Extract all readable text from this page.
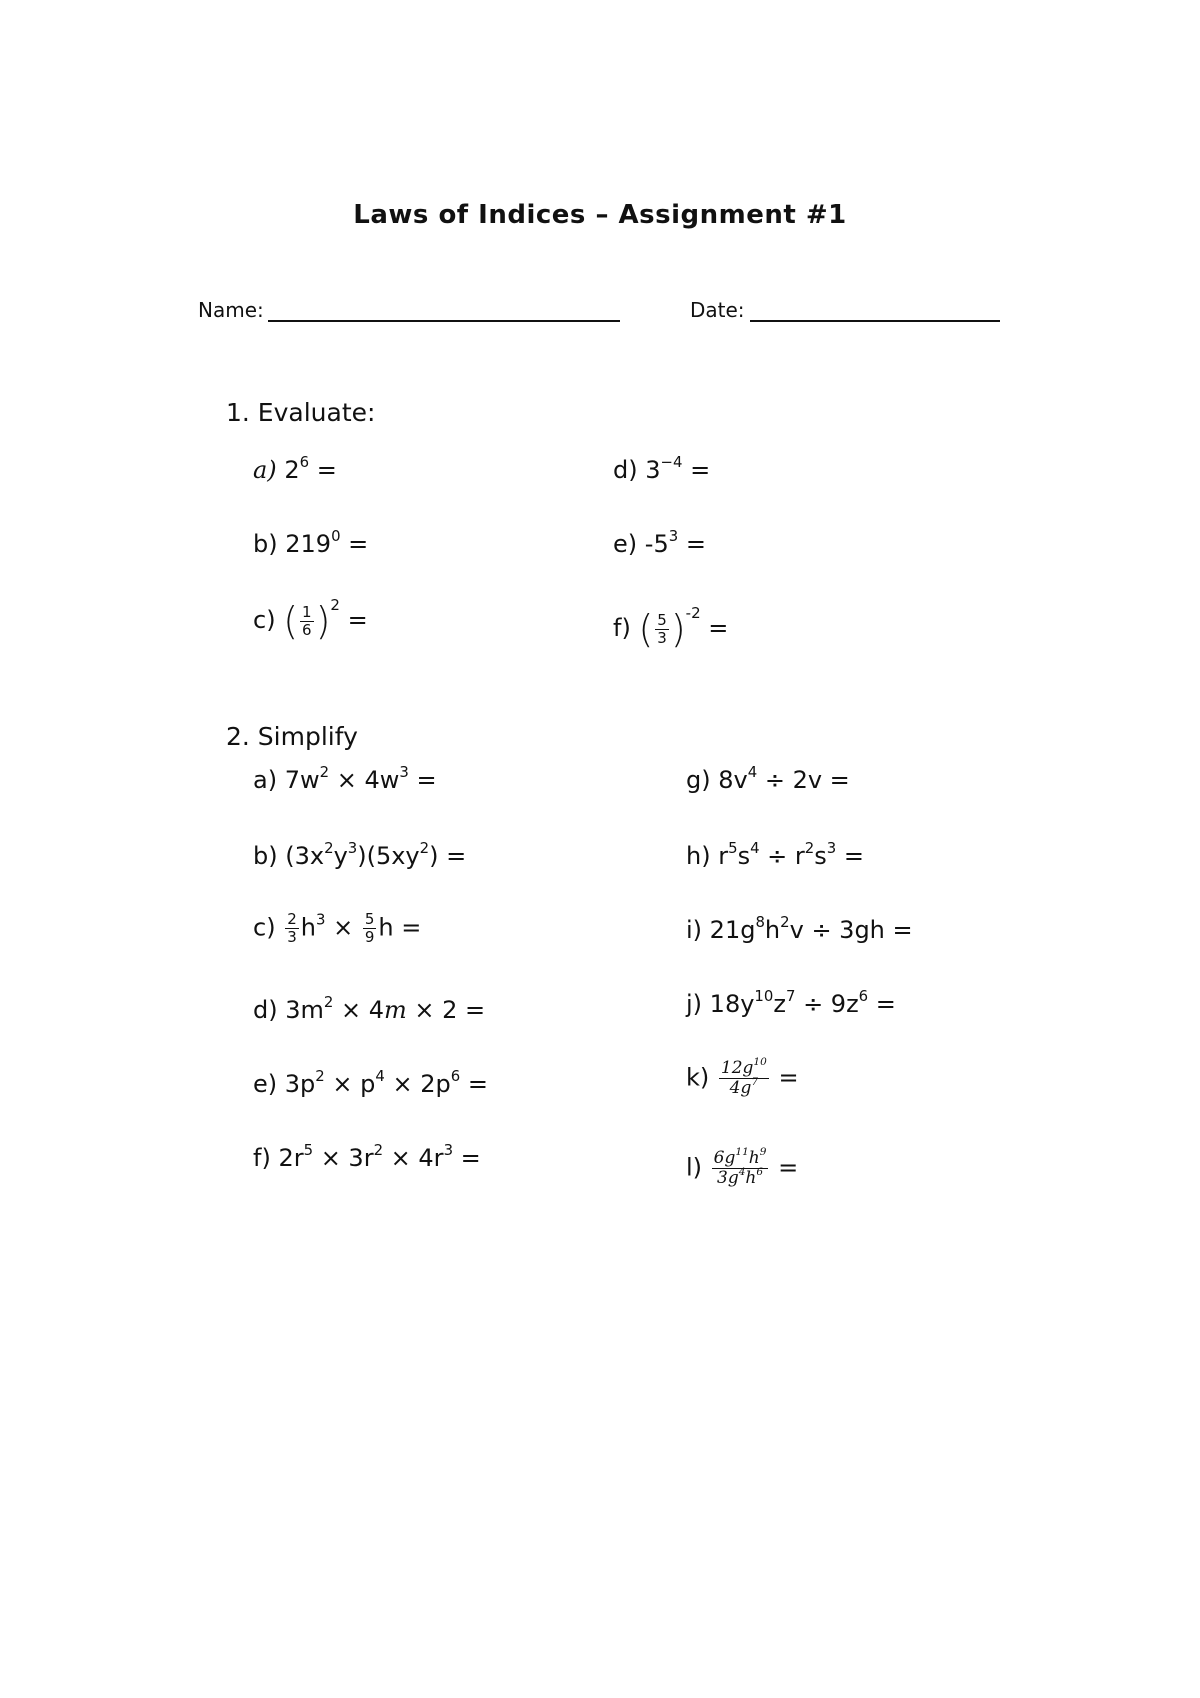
Laws of Indices – Assignment #1
Name:	Date:
1. Evaluate:
a) $2^6$ =
b) $219^0$ =
c) ( $\frac{1}{6} )^2$ =
d) $3^{-4}$ =
e) $-5^3$ =
f) ( $\frac{5}{3} )^{-2}$ =
2. Simplify
a) $7w^2 \times 4w^3$ =
b) $(3x^2y^3)(5xy^2)$ =
$c) \frac{2}{3} h^3 \times \frac{5}{9}$ h =
d) $3m^2 \times 4m \times 2$ =
e) $3p^2 \times p^4 \times 2p^6$ =
f) $2r^5 \times 3r^2 \times 4r^3$ =
g) $8v^4 \div 2v$ =
h) $r^5s^4 \div r^2s^3$ =
i) $21g^8h^2v \div 3gh$ =
j) $18y^{10}z^7 \div 9z^6$ =
$k) \frac{12g^{10}}{4g^7}$ =
$l) \frac{6g^{11}h^9}{3g^4h^6}$ =
